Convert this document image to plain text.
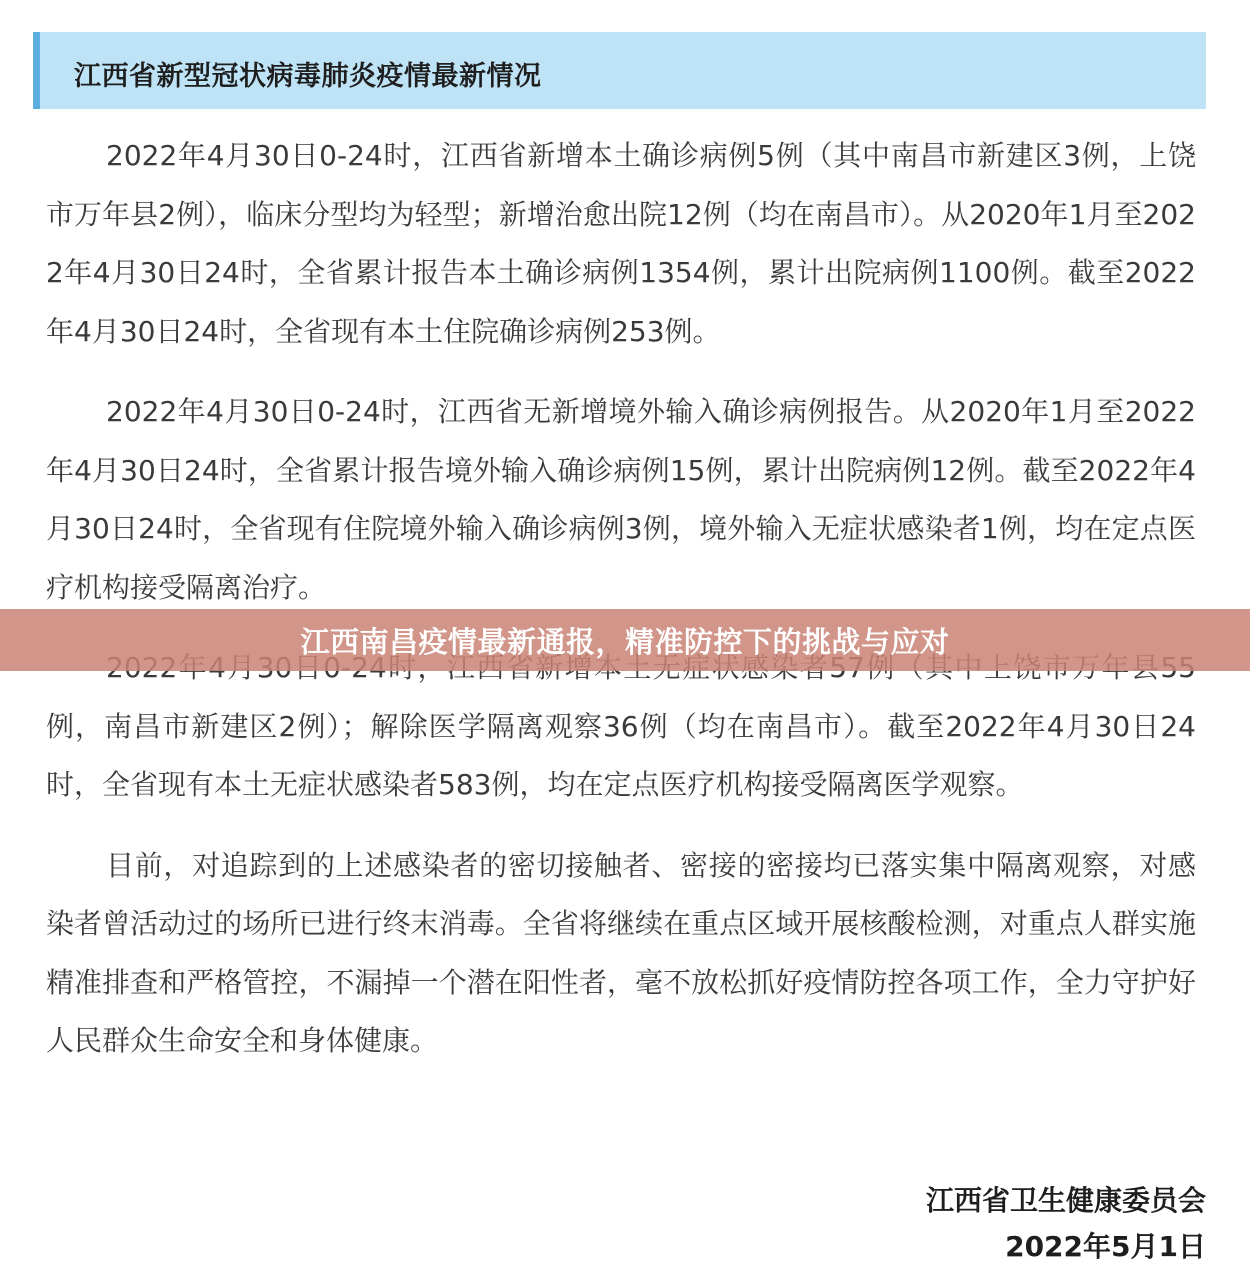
江西省新型冠状病毒肺炎疫情最新情况

2022年4月30日0-24时，江西省新增本土确诊病例5例（其中南昌市新建区3例，上饶市万年县2例），临床分型均为轻型；新增治愈出院12例（均在南昌市）。从2020年1月至2022年4月30日24时，全省累计报告本土确诊病例1354例，累计出院病例1100例。截至2022年4月30日24时，全省现有本土住院确诊病例253例。

2022年4月30日0-24时，江西省无新增境外输入确诊病例报告。从2020年1月至2022年4月30日24时，全省累计报告境外输入确诊病例15例，累计出院病例12例。截至2022年4月30日24时，全省现有住院境外输入确诊病例3例，境外输入无症状感染者1例，均在定点医疗机构接受隔离治疗。

例，南昌市新建区2例）；解除医学隔离观察36例（均在南昌市）。截至2022年4月30日24时，全省现有本土无症状感染者583例，均在定点医疗机构接受隔离医学观察。

目前，对追踪到的上述感染者的密切接触者、密接的密接均已落实集中隔离观察，对感染者曾活动过的场所已进行终末消毒。全省将继续在重点区域开展核酸检测，对重点人群实施精准排查和严格管控，不漏掉一个潜在阳性者，毫不放松抓好疫情防控各项工作，全力守护好人民群众生命安全和身体健康。

江西省卫生健康委员会
2022年5月1日
江西南昌疫情最新通报，精准防控下的挑战与应对
